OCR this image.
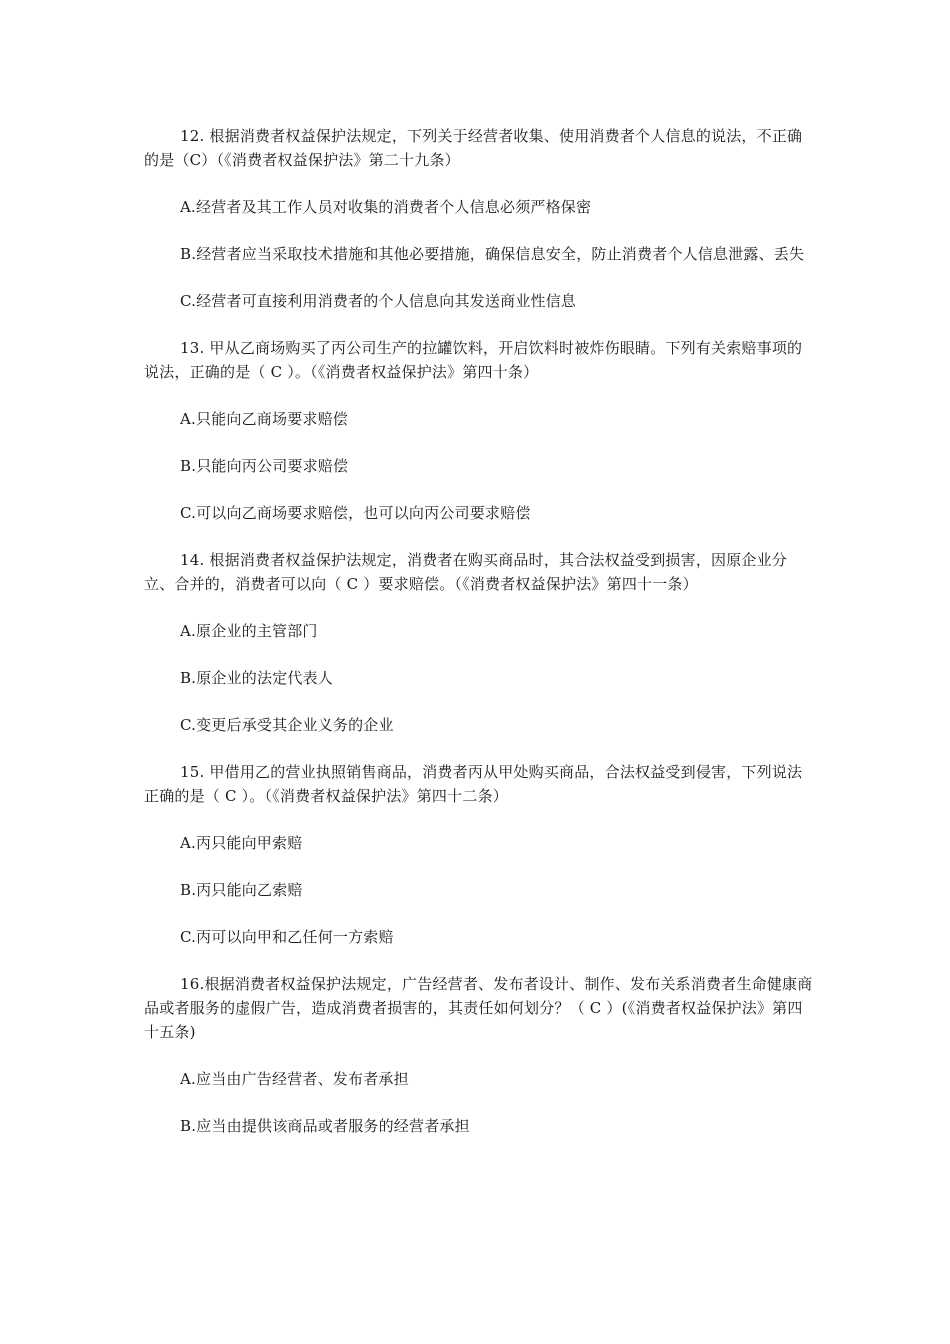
12. 根据消费者权益保护法规定，下列关于经营者收集、使用消费者个人信息的说法，不正确的是（C）（《消费者权益保护法》第二十九条）

A.经营者及其工作人员对收集的消费者个人信息必须严格保密

B.经营者应当采取技术措施和其他必要措施，确保信息安全，防止消费者个人信息泄露、丢失

C.经营者可直接利用消费者的个人信息向其发送商业性信息

13. 甲从乙商场购买了丙公司生产的拉罐饮料，开启饮料时被炸伤眼睛。下列有关索赔事项的说法，正确的是（ C ）。（《消费者权益保护法》第四十条）

A.只能向乙商场要求赔偿

B.只能向丙公司要求赔偿

C.可以向乙商场要求赔偿，也可以向丙公司要求赔偿

14. 根据消费者权益保护法规定，消费者在购买商品时，其合法权益受到损害，因原企业分立、合并的，消费者可以向（ C ）要求赔偿。（《消费者权益保护法》第四十一条）

A.原企业的主管部门

B.原企业的法定代表人

C.变更后承受其企业义务的企业

15. 甲借用乙的营业执照销售商品，消费者丙从甲处购买商品，合法权益受到侵害，下列说法正确的是（ C ）。（《消费者权益保护法》第四十二条）

A.丙只能向甲索赔

B.丙只能向乙索赔

C.丙可以向甲和乙任何一方索赔

16.根据消费者权益保护法规定，广告经营者、发布者设计、制作、发布关系消费者生命健康商品或者服务的虚假广告，造成消费者损害的，其责任如何划分？（ C ）(《消费者权益保护法》第四十五条)

A.应当由广告经营者、发布者承担

B.应当由提供该商品或者服务的经营者承担
